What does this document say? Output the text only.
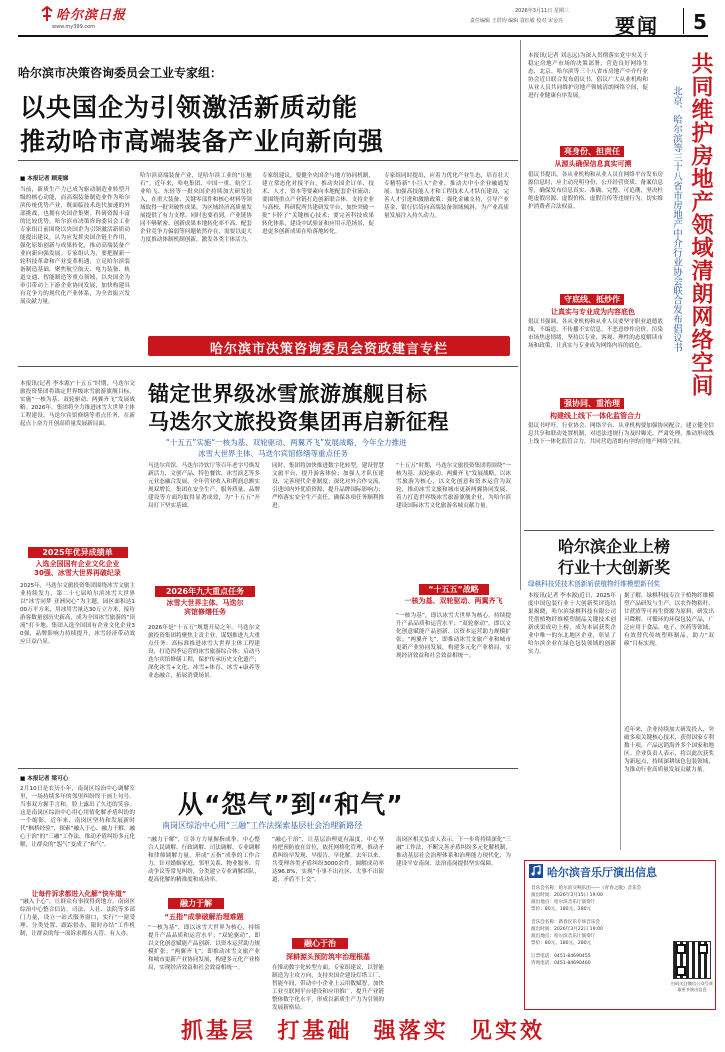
哈尔滨日报
www.my399.com
2026年3月11日 星期三
责任编辑 王洪钧 编辑 袁红敏 校对 宋金亮	要闻 5
哈尔滨市决策咨询委员会工业专家组：
以央国企为引领激活新质动能
推动哈市高端装备产业向新向强
■ 本报记者 顾迎娣
当前，新质生产力已成为驱动制造业转型升级的核心动能，而高端装备制造业作为哈尔滨传统优势产业，既面临技术迭代加速的外部挑战，也拥有央国企集聚、科研资源丰富的比较优势。哈尔滨市决策咨询委员会工业专家组日前围绕以央国企为引领激活新质动能提出建议，认为应发挥央国企链主作用，强化原始创新与成果转化，推动高端装备产业向新向强发展。专家组认为，要把握新一轮科技革命和产业变革机遇，立足哈尔滨装备制造基础，聚焦航空航天、电力装备、轨道交通、智能制造等重点领域，以央国企为牵引带动上下游企业协同发展，加快构建具有竞争力的现代化产业体系，为全省振兴发展贡献力量。
哈尔滨高端装备产业，是哈尔滨工业的“压舱石”。近年来，哈电集团、中国一重、航空工业哈飞、东轻等一批央国企持续加大研发投入，在重大装备、关键零部件和核心材料等领域取得一批突破性成果，为区域经济高质量发展提供了有力支撑。同时也要看到，产业链协同不够紧密、创新成果本地转化率不高、配套企业竞争力偏弱等问题依然存在，需要以更大力度推动体制机制创新，激发各类主体活力。
专家组建议，要健全央国企与地方协同机制，建立常态化对接平台，推动央国企订单、技术、人才、资本等要素向本地配套企业流动；要围绕重点产业链打造创新联合体，支持企业与高校、科研院所共建研发平台，加快突破一批“卡脖子”关键核心技术；要完善科技成果转化体系，建设中试验证和应用示范场景，促进更多创新成果在哈落地转化。
专家组同时提出，应着力优化产业生态，培育壮大专精特新“小巨人”企业，推动大中小企业融通发展；加强高技能人才和工程技术人才队伍建设，完善人才引进和激励政策；强化金融支持，引导产业基金、银行信贷向高端装备领域倾斜，为产业高质量发展注入持久动力。
哈尔滨市决策咨询委员会资政建言专栏
本报讯(记者 李本源)“十五五”时期，马迭尔文旅投资集团将锚定世界级冰雪旅游旗舰目标，实施“一核为基、双轮驱动、两翼齐飞”发展战略。2026年，集团将全力推进冰雪大世界主体工程建设、马迭尔宾馆修缮等重点任务，在新起点上奋力开创高质量发展新局面。
锚定世界级冰雪旅游旗舰目标
马迭尔文旅投资集团再启新征程
“十五五”实施“一核为基、双轮驱动、两翼齐飞”发展战略，今年全力推进
冰雪大世界主体、马迭尔宾馆修缮等重点任务
2025年优异成绩单
入选全国国有企业文化企业
30强、冰雪大世界再破纪录
2025年，马迭尔文旅投资集团围绕冰雪文旅主业持续发力，第二十七届哈尔滨冰雪大世界以“冰雪同梦 亚洲同心”为主题，园区面积达100万平方米，用冰用雪量达30万立方米，接待游客数量创历史新高，成为全国冰雪旅游的“顶流”打卡地。集团入选全国国有企业文化企业30强，品牌影响力持续提升，冰雪经济带动效应日益凸显。
马迭尔宾馆、马迭尔冷饮厅等百年老字号焕发新活力，文创产品、特色餐饮、冰雪演艺等多元业态融合发展，全年营业收入和利润总额实现双增长。集团在安全生产、服务质量、品牌建设等方面均取得显著成效，为“十五五”开局打下坚实基础。
2026年九大重点任务
冰雪大世界主体、马迭尔
宾馆修缮任务
2026年是“十五五”规划开局之年。马迭尔文旅投资集团将聚焦主责主业，谋划推进九大重点任务：高标准推进冰雪大世界主体工程建设，打造四季运营的冰雪旅游综合体；启动马迭尔宾馆修缮工程，保护传承历史文化遗产；深化冰雪+文化、冰雪+体育、冰雪+康养等业态融合，拓展消费场景。
同时，集团将加快推进数字化转型，建设智慧文旅平台，提升游客体验；加强人才队伍建设，完善现代企业制度；深化对外合作交流，引进国内外优质资源，提升品牌国际影响力；严格落实安全生产责任，确保各项任务顺利推进。
“十五五”时期，马迭尔文旅投资集团将围绕“一核为基、双轮驱动、两翼齐飞”发展战略，以冰雪旅游为核心，以文化创意和资本运营为双轮，推动冰雪文旅和城市更新两翼协同发展，着力打造世界级冰雪旅游旗舰企业，为哈尔滨建设国际冰雪文化旅游名城贡献力量。
“十五五”战略
一核为基、双轮驱动、两翼齐飞
“一核为基”，即以冰雪大世界为核心，持续提升产品品质和运营水平；“双轮驱动”，即以文化创意赋能产品创新、以资本运营助力规模扩张；“两翼齐飞”，即推动冰雪文旅产业和城市更新产业协同发展，构建多元化产业格局，实现经济效益和社会效益相统一。
本报讯(记者 刘志远)为深入贯彻落实党中央关于稳定房地产市场的决策部署，营造良好网络生态，北京、哈尔滨等三十八省市房地产中介行业协会近日联合发布倡议书，倡议广大从业机构和从业人员共同维护房地产领域清朗网络空间，促进行业健康有序发展。	共同维护房地产领域清朗网络空间
北京、哈尔滨等三十八省市房地产中介行业协会联合发布倡议书
亮身份、担责任
从源头确保信息真实可溯
倡议书提出，各从业机构和从业人员在网络平台发布房源信息时，应主动亮明身份，公开经营资质、备案信息等，确保发布信息真实、准确、完整、可追溯，坚决杜绝虚假房源、虚假价格、虚假宣传等违规行为，切实维护消费者合法权益。
守底线、抵炒作
让真实与专业成为内容底色
倡议书强调，各从业机构和从业人员要坚守职业道德底线，不编造、不传播不实信息，不恶意炒作房价、渲染市场焦虑情绪，坚持以专业、客观、理性的态度解读市场和政策，让真实与专业成为网络内容的底色。
强协同、重治理
构建线上线下一体化监管合力
倡议书呼吁，行业协会、网络平台、从业机构要加强协同配合，建立健全信息共享和联动处置机制，对违法违规行为及时曝光、严肃处理，推动形成线上线下一体化监管合力，共同营造清朗有序的房地产网络空间。
哈尔滨企业上榜
行业十大创新奖
绿棋科技凭技术创新斩获植物纤维模塑新刊奖
本报讯(记者 李本源)近日，2025年度中国包装行业十大创新奖评选结果揭晓，哈尔滨绿棋科技有限公司凭借植物纤维模塑制品关键技术创新成果成功上榜，成为本届获奖企业中唯一的东北地区企业，彰显了哈尔滨企业在绿色包装领域的创新实力。
据了解，绿棋科技专注于植物纤维模塑产品研发与生产，以农作物秸秆、甘蔗渣等可再生资源为原料，研发出可降解、可循环的环保包装产品，广泛应用于食品、电子、医药等领域，有效替代传统塑料制品，助力“双碳”目标实现。
近年来，企业持续加大研发投入，突破多项关键核心技术，获得国家专利数十项，产品远销海外多个国家和地区。企业负责人表示，将以此次获奖为新起点，持续深耕绿色包装领域，为推动行业高质量发展贡献力量。
哈尔滨音乐厅演出信息
音乐会名称：哈尔滨交响乐团——《青春之歌》音乐会
演出时间：2026年3月15日 19:00
演出地点：哈尔滨音乐厅演奏厅
票价：80元、180元、280元
音乐会名称：新春民乐专场音乐会
演出时间：2026年3月22日 19:00
演出地点：哈尔滨音乐厅演奏厅
票价：80元、180元、280元
订票电话：0451-84690455
咨询电话：0451-84690460
扫码关注微信公众号获取更多演出信息
■ 本报记者 梁可心
2月10日是农历小年，南岗区综治中心调解室里，一场持续多年的邻里纠纷终于画上句号。当事双方握手言和，脸上露出了久违的笑容。这是南岗区综治中心用心用情化解矛盾纠纷的一个缩影。近年来，南岗区坚持和发展新时代“枫桥经验”，探索“融入于心、融力于解、融心于治”的“三融”工作法，推动矛盾纠纷多元化解，让群众的“怨气”变成了“和气”。
从“怨气”到“和气”
南岗区综治中心用“三融”工作法探索基层社会治理新路径
让每件诉求都进入化解“快车道”
“融入于心”，让群众有事找得到地方。南岗区综治中心整合信访、司法、人社、法院等多部门力量，设立一站式服务窗口，实行“一窗受理、分类处置、跟踪督办、限时办结”工作机制，让群众的每一项诉求都有人管、有人办。
“融力于解”，让各方力量握指成拳。中心整合人民调解、行政调解、司法调解、专业调解和律师调解力量，形成“五指”成拳的工作合力。针对婚姻家庭、邻里关系、物业服务、劳动争议等常见纠纷，分类建立专业调解团队，提高化解的精准度和成功率。
融力于解
“五指”成拳破解治理难题
“一核为基”，即以冰雪大世界为核心，持续提升产品品质和运营水平；“双轮驱动”，即以文化创意赋能产品创新、以资本运营助力规模扩张；“两翼齐飞”，即推动冰雪文旅产业和城市更新产业协同发展，构建多元化产业格局，实现经济效益和社会效益相统一。
“融心于治”，让基层治理更有温度。中心坚持把预防放在首位，依托网格化管理，推动矛盾纠纷早发现、早报告、早化解。去年以来，共受理各类矛盾纠纷3000余件，调解成功率达96.8%，实现“小事不出社区、大事不出街道、矛盾不上交”。
融心于治
深耕源头预防筑牢治理根基
在推动数字化转型方面，专家组建议，以智能制造为主攻方向，支持央国企建设灯塔工厂、智能车间，带动中小企业上云用数赋智，加快工业互联网平台建设和应用推广，提升产业链整体数字化水平，形成以新质生产力为引领的发展新格局。
南岗区相关负责人表示，下一步将持续深化“三融”工作法，不断完善矛盾纠纷多元化解机制，推动基层社会治理体系和治理能力现代化，为建设平安南岗、法治南岗提供坚实保障。
抓基层  打基础  强落实  见实效
